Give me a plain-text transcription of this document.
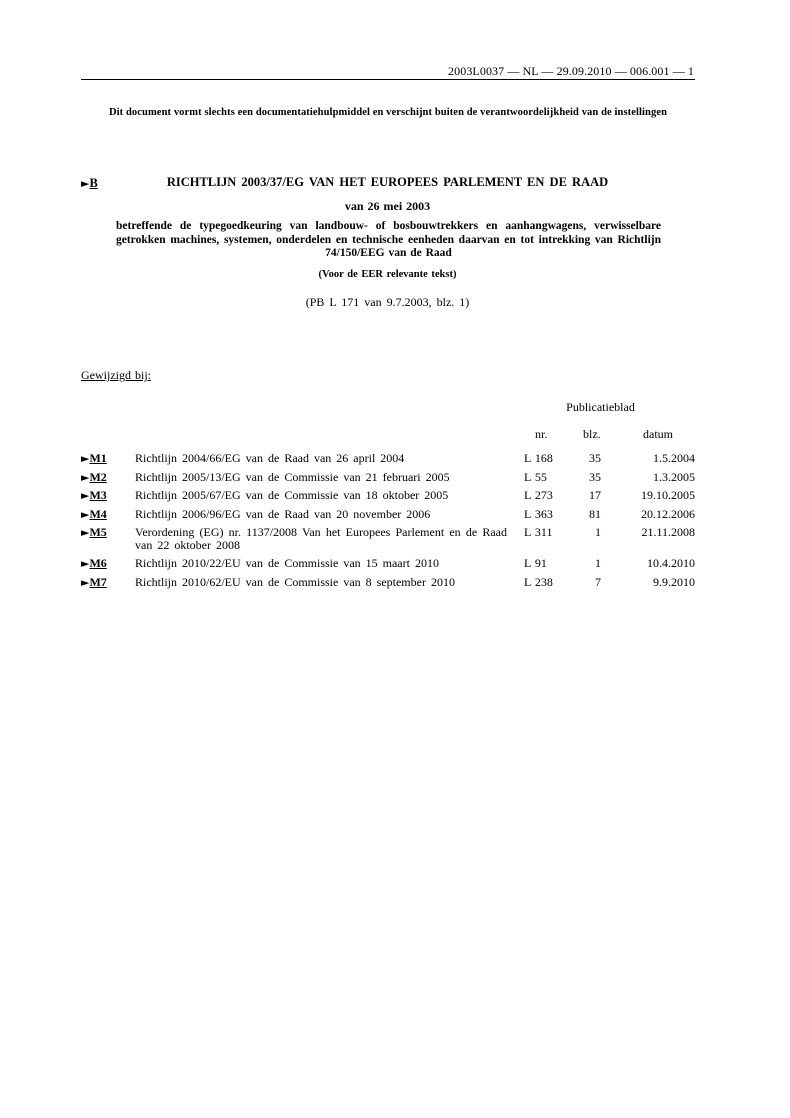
2003L0037 — NL — 29.09.2010 — 006.001 — 1
Dit document vormt slechts een documentatiehulpmiddel en verschijnt buiten de verantwoordelijkheid van de instellingen
►B	RICHTLIJN 2003/37/EG VAN HET EUROPEES PARLEMENT EN DE RAAD
van 26 mei 2003
betreffende de typegoedkeuring van landbouw- of bosbouwtrekkers en aanhangwagens, verwisselbare getrokken machines, systemen, onderdelen en technische eenheden daarvan en tot intrekking van Richtlijn 74/150/EEG van de Raad
(Voor de EER relevante tekst)
(PB L 171 van 9.7.2003, blz. 1)
Gewijzigd bij:
Publicatieblad
nr.	blz.	datum
►M1 Richtlijn 2004/66/EG van de Raad van 26 april 2004	L 168	35	1.5.2004
►M2 Richtlijn 2005/13/EG van de Commissie van 21 februari 2005	L 55	35	1.3.2005
►M3 Richtlijn 2005/67/EG van de Commissie van 18 oktober 2005	L 273	17	19.10.2005
►M4 Richtlijn 2006/96/EG van de Raad van 20 november 2006	L 363	81	20.12.2006
►M5 Verordening (EG) nr. 1137/2008 Van het Europees Parlement en de Raad van 22 oktober 2008
L 311	1	21.11.2008
►M6 Richtlijn 2010/22/EU van de Commissie van 15 maart 2010	L 91	1	10.4.2010
►M7 Richtlijn 2010/62/EU van de Commissie van 8 september 2010	L 238	7	9.9.2010
